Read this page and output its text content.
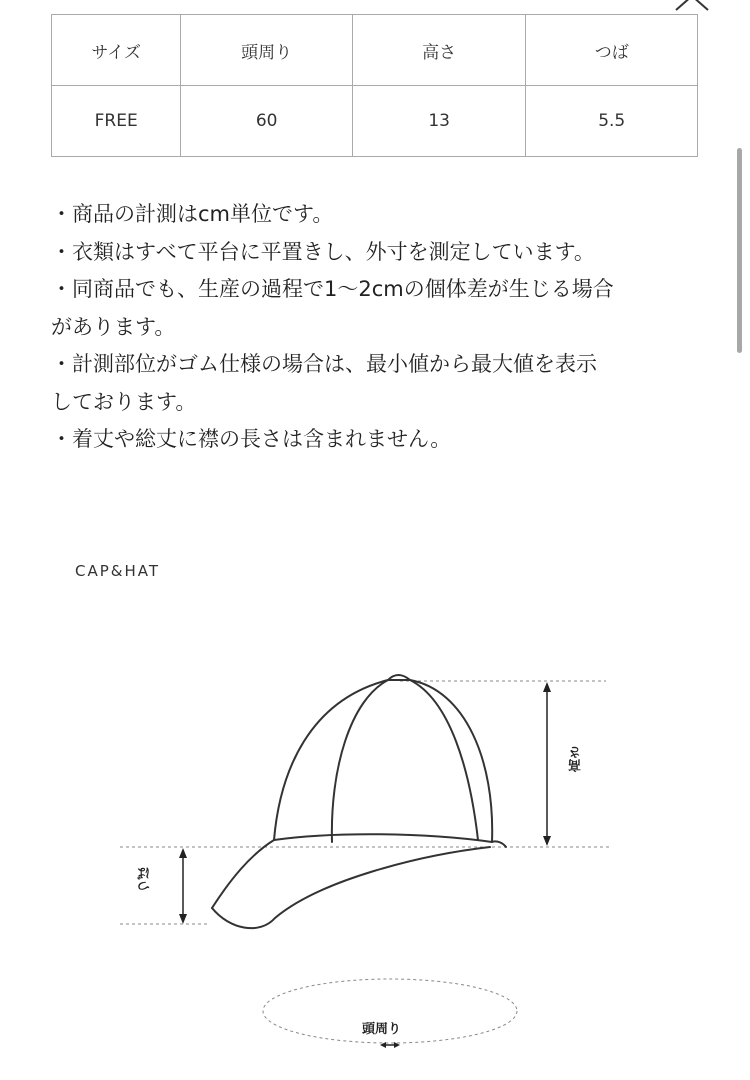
サイズ	頭周り	高さ	つば
FREE	60	13	5.5
・商品の計測はcm単位です。
・衣類はすべて平台に平置きし、外寸を測定しています。
・同商品でも、生産の過程で1〜2cmの個体差が生じる場合
があります。
・計測部位がゴム仕様の場合は、最小値から最大値を表示
しております。
・着丈や総丈に襟の長さは含まれません。
CAP&HAT
高さ
つば
頭周り
